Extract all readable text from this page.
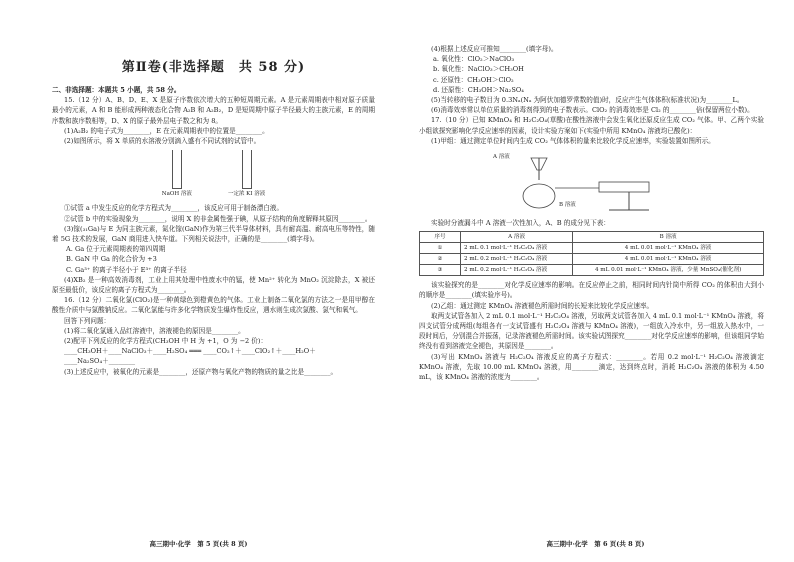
第Ⅱ卷(非选择题　共 58 分)

二、非选择题：本题共 5 小题，共 58 分。

15.（12 分）A、B、D、E、X 是原子序数依次增大的五种短周期元素。A 是元素周期表中相对原子质量最小的元素，A 和 B 能形成两种液态化合物 A₂B 和 A₂B₂，D 是短周期中原子半径最大的主族元素，E 的周期序数和族序数相等，D、X 的原子最外层电子数之和为 8。

(1)A₂B₂ 的电子式为________，E 在元素周期表中的位置是________。

(2)如图所示，将 X 单质的水溶液分别滴入盛有不同试剂的试管中。

NaOH 溶液	一定浓 KI 溶液

①试管 a 中发生反应的化学方程式为________，该反应可用于制备漂白液。

②试管 b 中的实验现象为________，说明 X 的非金属性强于碘，从原子结构的角度解释其原因________。

(3)镓(₃₁Ga)与 E 为同主族元素，氮化镓(GaN)作为第三代半导体材料，具有耐高温、耐高电压等特性，随着 5G 技术的发展，GaN 商用进入快车道。下列相关说法中，正确的是________(填字母)。

A. Ga 位于元素周期表的第四周期

B. GaN 中 Ga 的化合价为 +3

C. Ga³⁺ 的离子半径小于 E³⁺ 的离子半径

(4)XB₂ 是一种高效消毒剂，工业上用其处理中性废水中的锰，使 Mn²⁺ 转化为 MnO₂ 沉淀除去，X 被还原至最低价，该反应的离子方程式为________。

16.（12 分）二氧化氯(ClO₂)是一种黄绿色到橙黄色的气体。工业上制备二氧化氯的方法之一是用甲醇在酸性介质中与氯酸钠反应。二氧化氯能与许多化学物质发生爆炸性反应，遇水则生成次氯酸、氯气和氧气。

回答下列问题：

(1)将二氧化氯通入品红溶液中，溶液褪色的原因是________。

(2)配平下列反应的化学方程式(CH₃OH 中 H 为 +1，O 为 −2 价)：

____CH₃OH＋____NaClO₃＋____H₂SO₄ ═══ ____CO₂↑＋____ClO₂↑＋____H₂O＋

____Na₂SO₄＋________

(3)上述反应中，被氧化的元素是________，还原产物与氧化产物的物质的量之比是________。

高三期中·化学　第 5 页(共 8 页)

(4)根据上述反应可推知________(填字母)。

a. 氧化性：ClO₂＞NaClO₃

b. 氧化性：NaClO₃＞CH₃OH

c. 还原性：CH₃OH＞ClO₂

d. 还原性：CH₃OH＞Na₂SO₄

(5)当转移的电子数目为 0.3Nₐ(Nₐ 为阿伏加德罗常数的值)时，反应产生气体体积(标准状况)为________L。

(6)消毒效率常以单位质量的消毒剂得到的电子数表示。ClO₂ 的消毒效率是 Cl₂ 的________倍(保留两位小数)。

17.（10 分）已知 KMnO₄ 和 H₂C₂O₄(草酸)在酸性溶液中会发生氧化还原反应生成 CO₂ 气体。甲、乙两个实验小组欲探究影响化学反应速率的因素，设计实验方案如下(实验中所用 KMnO₄ 溶液均已酸化)：

(1)甲组：通过测定单位时间内生成 CO₂ 气体体积的量来比较化学反应速率，实验装置如图所示。

A 溶液
B 溶液

实验时分液漏斗中 A 溶液一次性加入，A、B 的成分见下表：

序号	A 溶液	B 溶液
①	2 mL 0.1 mol·L⁻¹ H₂C₂O₄ 溶液	4 mL 0.01 mol·L⁻¹ KMnO₄ 溶液
②	2 mL 0.2 mol·L⁻¹ H₂C₂O₄ 溶液	4 mL 0.01 mol·L⁻¹ KMnO₄ 溶液
③	2 mL 0.2 mol·L⁻¹ H₂C₂O₄ 溶液	4 mL 0.01 mol·L⁻¹ KMnO₄ 溶液，少量 MnSO₄(催化剂)

该实验探究的是________对化学反应速率的影响。在反应停止之前，相同时间内针筒中所得 CO₂ 的体积由大到小的顺序是________(填实验序号)。

(2)乙组：通过测定 KMnO₄ 溶液褪色所需时间的长短来比较化学反应速率。

取两支试管各加入 2 mL 0.1 mol·L⁻¹ H₂C₂O₄ 溶液，另取两支试管各加入 4 mL 0.1 mol·L⁻¹ KMnO₄ 溶液，将四支试管分成两组(每组各有一支试管盛有 H₂C₂O₄ 溶液与 KMnO₄ 溶液)，一组放入冷水中，另一组放入热水中，一段时间后，分别混合并振荡，记录溶液褪色所需时间。该实验试图探究________对化学反应速率的影响，但该组同学始终没有看到溶液完全褪色，其原因是________。

(3)写出 KMnO₄ 溶液与 H₂C₂O₄ 溶液反应的离子方程式：________。若用 0.2 mol·L⁻¹ H₂C₂O₄ 溶液滴定 KMnO₄ 溶液，先取 10.00 mL KMnO₄ 溶液，用________滴定，达到终点时，消耗 H₂C₂O₄ 溶液的体积为 4.50 mL，该 KMnO₄ 溶液的浓度为________。

高三期中·化学　第 6 页(共 8 页)
